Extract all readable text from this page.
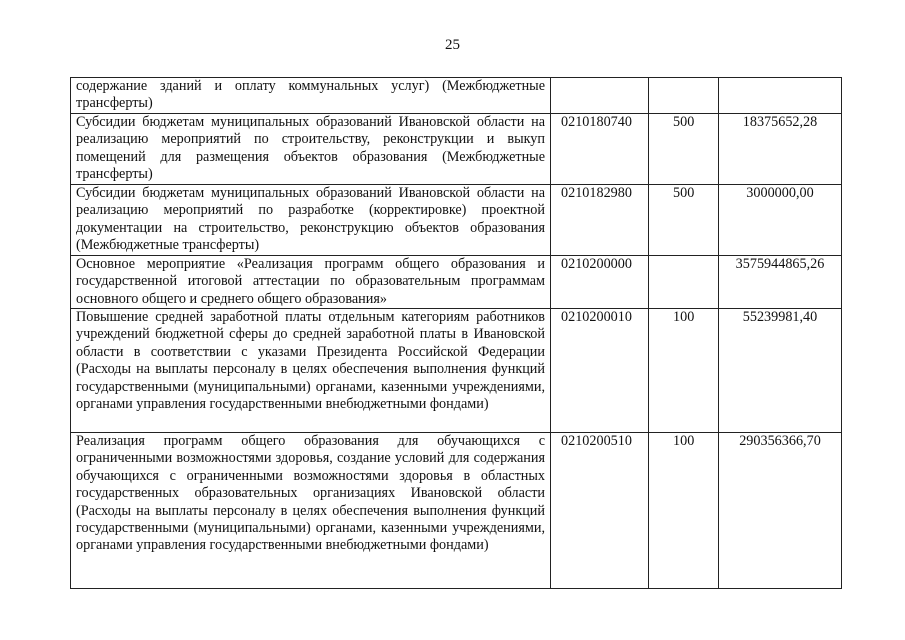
25
содержание зданий и оплату коммунальных услуг) (Межбюджетные трансферты)			

Субсидии бюджетам муниципальных образований Ивановской области на реализацию мероприятий по строительству, реконструкции и выкуп помещений для размещения объектов образования (Межбюджетные трансферты)	0210180740	500	18375652,28

Субсидии бюджетам муниципальных образований Ивановской области на реализацию мероприятий по разработке (корректировке) проектной документации на строительство, реконструкцию объектов образования (Межбюджетные трансферты)	0210182980	500	3000000,00

Основное мероприятие «Реализация программ общего образования и государственной итоговой аттестации по образовательным программам основного общего и среднего общего образования»	0210200000		3575944865,26

Повышение средней заработной платы отдельным категориям работников учреждений бюджетной сферы до средней заработной платы в Ивановской области в соответствии с указами Президента Российской Федерации (Расходы на выплаты персоналу в целях обеспечения выполнения функций государственными (муниципальными) органами, казенными учреждениями, органами управления государственными внебюджетными фондами)	0210200010	100	55239981,40

Реализация программ общего образования для обучающихся с ограниченными возможностями здоровья, создание условий для содержания обучающихся с ограниченными возможностями здоровья в областных государственных образовательных организациях Ивановской области (Расходы на выплаты персоналу в целях обеспечения выполнения функций государственными (муниципальными) органами, казенными учреждениями, органами управления государственными внебюджетными фондами)	0210200510	100	290356366,70
